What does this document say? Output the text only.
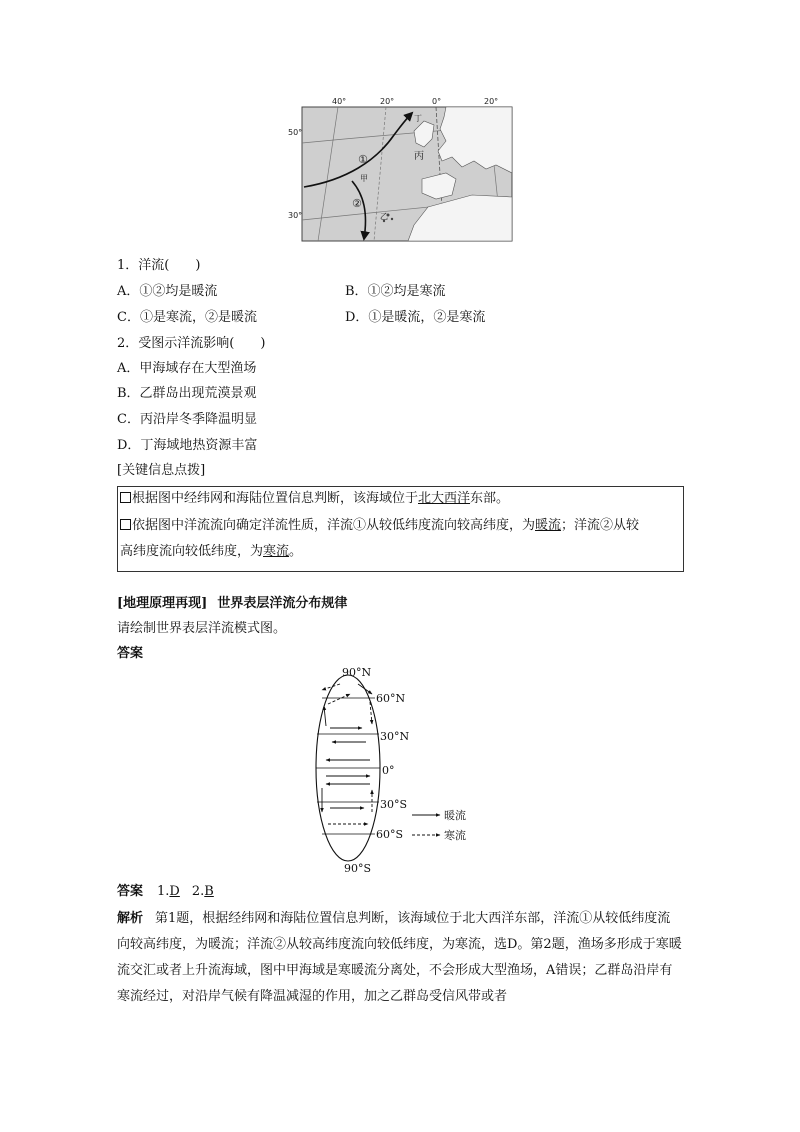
40°	20°	0°	20°
50°
30°
丁
丙
甲
乙
①
②
1．洋流(　　)
A．①②均是暖流	B．①②均是寒流
C．①是寒流，②是暖流	D．①是暖流，②是寒流
2．受图示洋流影响(　　)
A．甲海域存在大型渔场
B．乙群岛出现荒漠景观
C．丙沿岸冬季降温明显
D．丁海域地热资源丰富
[关键信息点拨]
根据图中经纬网和海陆位置信息判断，该海域位于北大西洋东部。
依据图中洋流流向确定洋流性质，洋流①从较低纬度流向较高纬度，为暖流；洋流②从较
高纬度流向较低纬度，为寒流。
[地理原理再现] 世界表层洋流分布规律
请绘制世界表层洋流模式图。
答案
90°N
60°N
30°N
0°
30°S
60°S
90°S
暖流
寒流
答案 1.D 2.B
解析 第1题，根据经纬网和海陆位置信息判断，该海域位于北大西洋东部，洋流①从较低纬度流向较高纬度，为暖流；洋流②从较高纬度流向较低纬度，为寒流，选D。第2题，渔场多形成于寒暖流交汇或者上升流海域，图中甲海域是寒暖流分离处，不会形成大型渔场，A错误；乙群岛沿岸有寒流经过，对沿岸气候有降温减湿的作用，加之乙群岛受信风带或者
